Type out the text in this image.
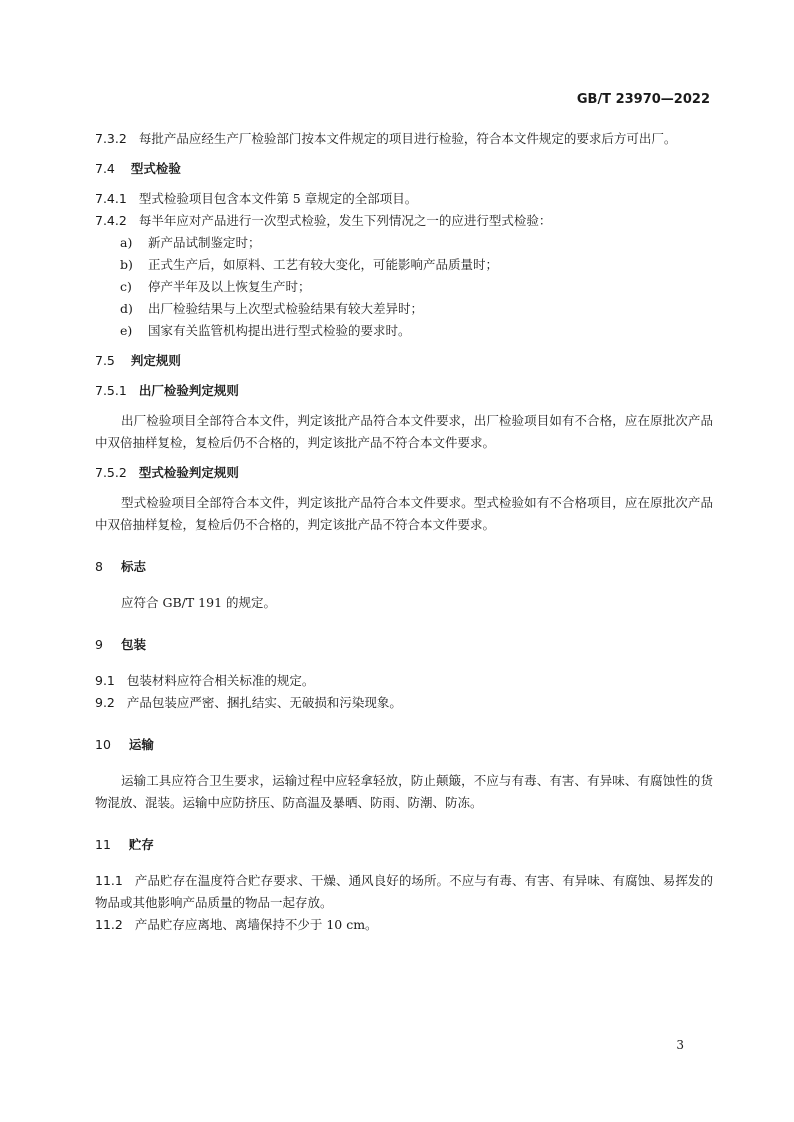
GB/T 23970—2022

7.3.2 每批产品应经生产厂检验部门按本文件规定的项目进行检验，符合本文件规定的要求后方可出厂。

7.4 型式检验

7.4.1 型式检验项目包含本文件第 5 章规定的全部项目。

7.4.2 每半年应对产品进行一次型式检验，发生下列情况之一的应进行型式检验：

a) 新产品试制鉴定时；

b) 正式生产后，如原料、工艺有较大变化，可能影响产品质量时；

c) 停产半年及以上恢复生产时；

d) 出厂检验结果与上次型式检验结果有较大差异时；

e) 国家有关监管机构提出进行型式检验的要求时。

7.5 判定规则

7.5.1 出厂检验判定规则

出厂检验项目全部符合本文件，判定该批产品符合本文件要求，出厂检验项目如有不合格，应在原批次产品中双倍抽样复检，复检后仍不合格的，判定该批产品不符合本文件要求。

7.5.2 型式检验判定规则

型式检验项目全部符合本文件，判定该批产品符合本文件要求。型式检验如有不合格项目，应在原批次产品中双倍抽样复检，复检后仍不合格的，判定该批产品不符合本文件要求。

8 标志

应符合 GB/T 191 的规定。

9 包装

9.1 包装材料应符合相关标准的规定。

9.2 产品包装应严密、捆扎结实、无破损和污染现象。

10 运输

运输工具应符合卫生要求，运输过程中应轻拿轻放，防止颠簸，不应与有毒、有害、有异味、有腐蚀性的货物混放、混装。运输中应防挤压、防高温及暴晒、防雨、防潮、防冻。

11 贮存

11.1 产品贮存在温度符合贮存要求、干燥、通风良好的场所。不应与有毒、有害、有异味、有腐蚀、易挥发的物品或其他影响产品质量的物品一起存放。

11.2 产品贮存应离地、离墙保持不少于 10 cm。

3
